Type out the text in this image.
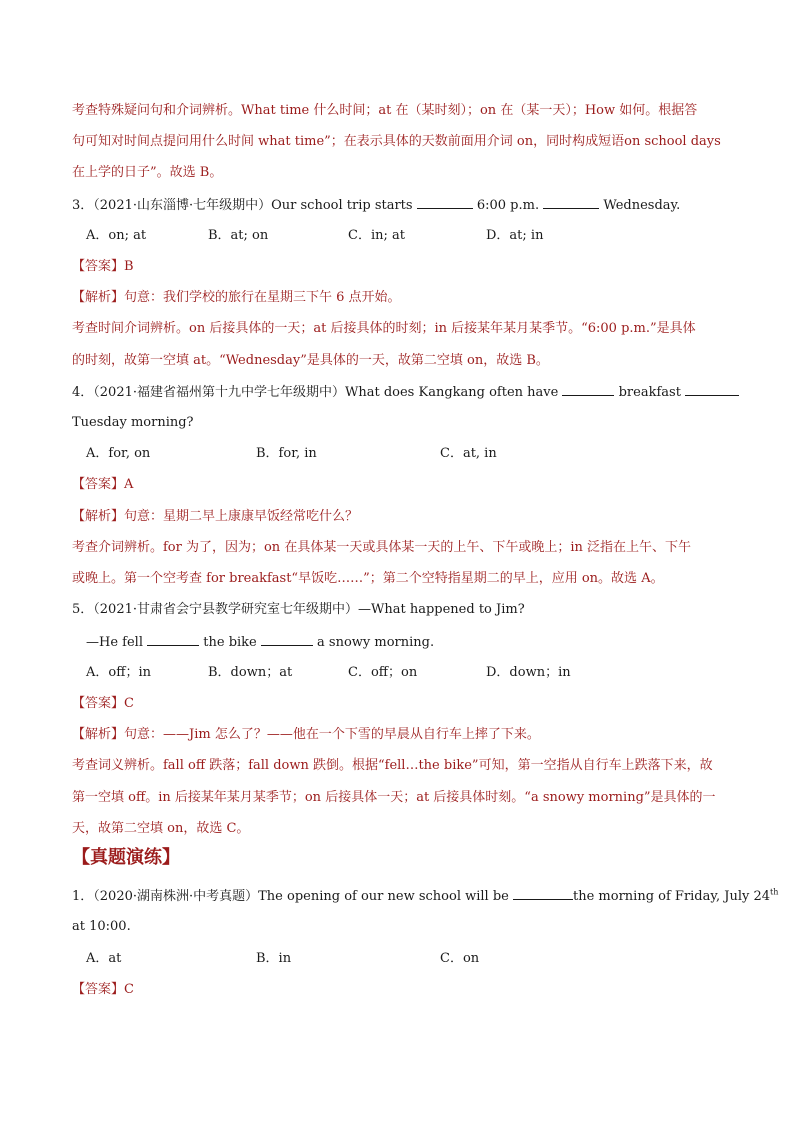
考查特殊疑问句和介词辨析。What time 什么时间；at 在（某时刻）；on 在（某一天）；How 如何。根据答
句可知对时间点提问用什么时间 what time”；在表示具体的天数前面用介词 on，同时构成短语on school days
在上学的日子”。故选 B。
3．（2021·山东淄博·七年级期中）Our school trip starts	6:00 p.m.	Wednesday.
A．on; at	B．at; on	C．in; at	D．at; in
【答案】B
【解析】句意：我们学校的旅行在星期三下午 6 点开始。
考查时间介词辨析。on 后接具体的一天；at 后接具体的时刻；in 后接某年某月某季节。“6:00 p.m.”是具体
的时刻，故第一空填 at。“Wednesday”是具体的一天，故第二空填 on，故选 B。
4．（2021·福建省福州第十九中学七年级期中）What does Kangkang often have	breakfast
Tuesday morning?
A．for, on	B．for, in	C．at, in
【答案】A
【解析】句意：星期二早上康康早饭经常吃什么？
考查介词辨析。for 为了，因为；on 在具体某一天或具体某一天的上午、下午或晚上；in 泛指在上午、下午
或晚上。第一个空考查 for breakfast“早饭吃……”；第二个空特指星期二的早上，应用 on。故选 A。
5．（2021·甘肃省会宁县教学研究室七年级期中）—What happened to Jim?
—He fell	the bike	a snowy morning.
A．off；in	B．down；at	C．off；on	D．down；in
【答案】C
【解析】句意：——Jim 怎么了？——他在一个下雪的早晨从自行车上摔了下来。
考查词义辨析。fall off 跌落；fall down 跌倒。根据“fell…the bike”可知，第一空指从自行车上跌落下来，故
第一空填 off。in 后接某年某月某季节；on 后接具体一天；at 后接具体时刻。“a snowy morning”是具体的一
天，故第二空填 on，故选 C。
【真题演练】
1．（2020·湖南株洲·中考真题）The opening of our new school will be	the morning of Friday, July 24th
at 10:00.
A．at	B．in	C．on
【答案】C
